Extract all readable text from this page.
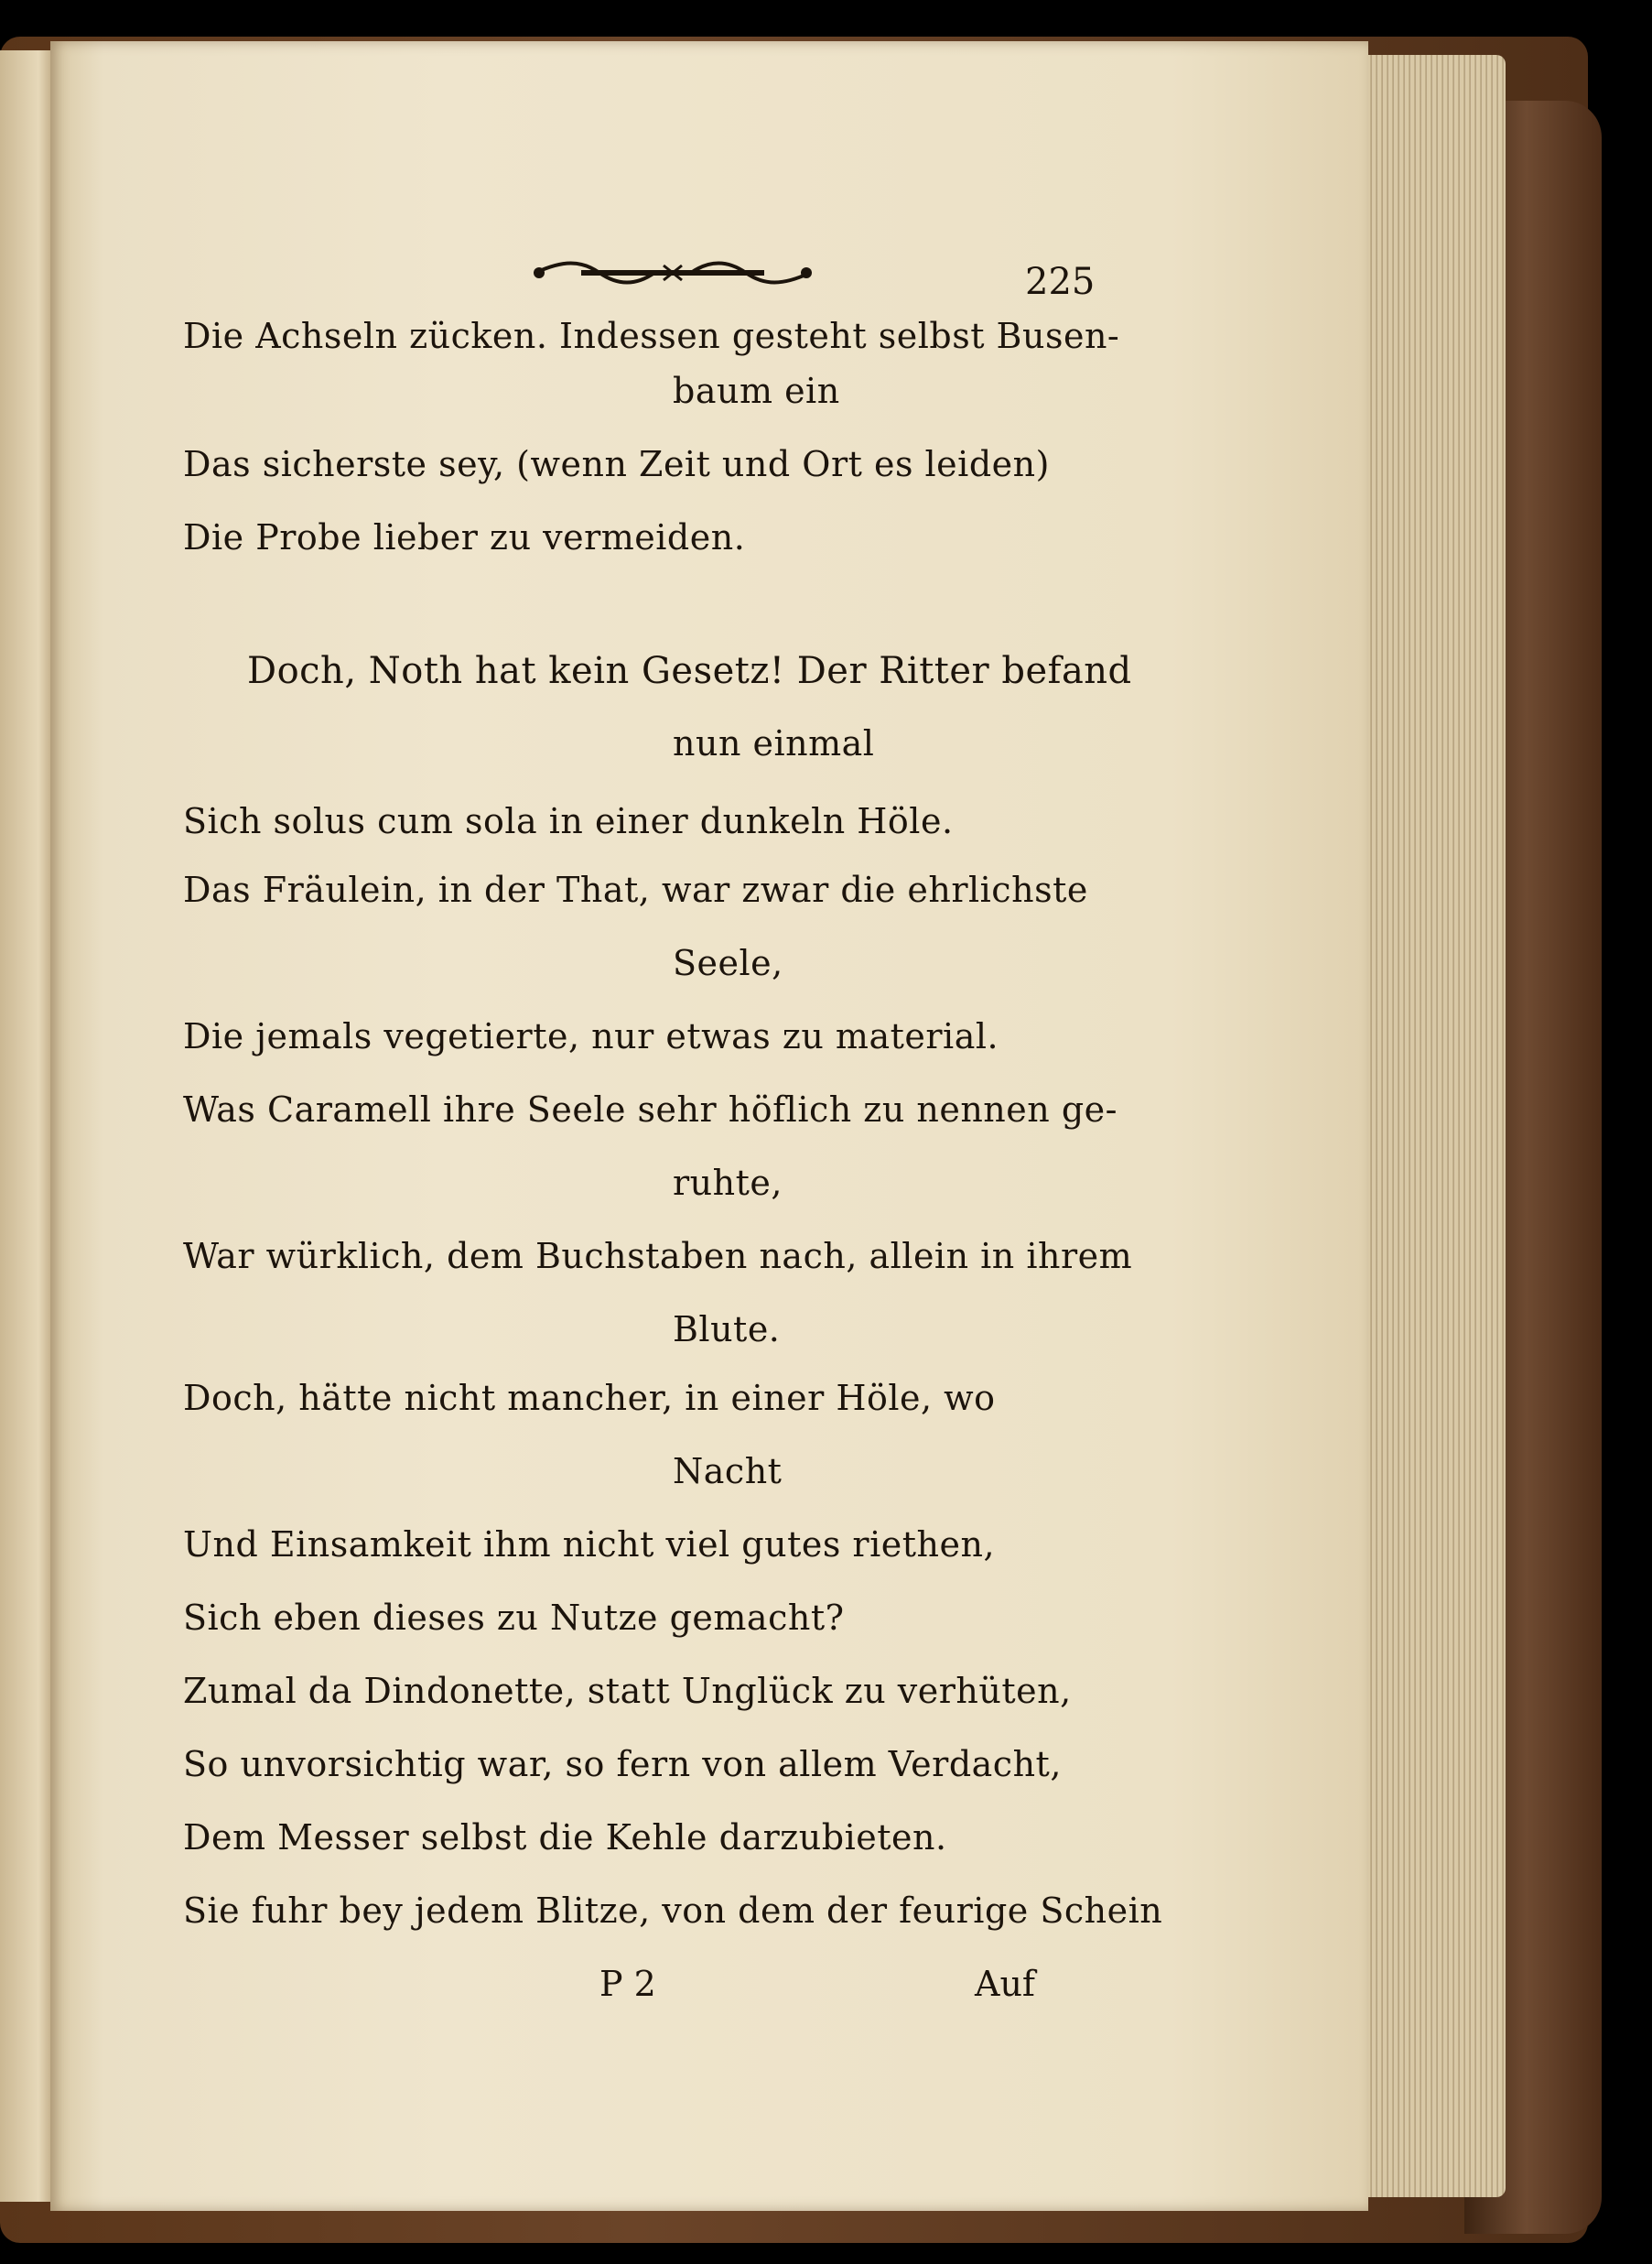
225
Die Achseln zücken. Indessen gesteht selbst Busen-
baum ein
Das sicherste sey, (wenn Zeit und Ort es leiden)
Die Probe lieber zu vermeiden.
Doch, Noth hat kein Gesetz! Der Ritter befand
nun einmal
Sich solus cum sola in einer dunkeln Höle.
Das Fräulein, in der That, war zwar die ehrlichste
Seele,
Die jemals vegetierte, nur etwas zu material.
Was Caramell ihre Seele sehr höflich zu nennen ge-
ruhte,
War würklich, dem Buchstaben nach, allein in ihrem
Blute.
Doch, hätte nicht mancher, in einer Höle, wo
Nacht
Und Einsamkeit ihm nicht viel gutes riethen,
Sich eben dieses zu Nutze gemacht?
Zumal da Dindonette, statt Unglück zu verhüten,
So unvorsichtig war, so fern von allem Verdacht,
Dem Messer selbst die Kehle darzubieten.
Sie fuhr bey jedem Blitze, von dem der feurige Schein
P 2	Auf
